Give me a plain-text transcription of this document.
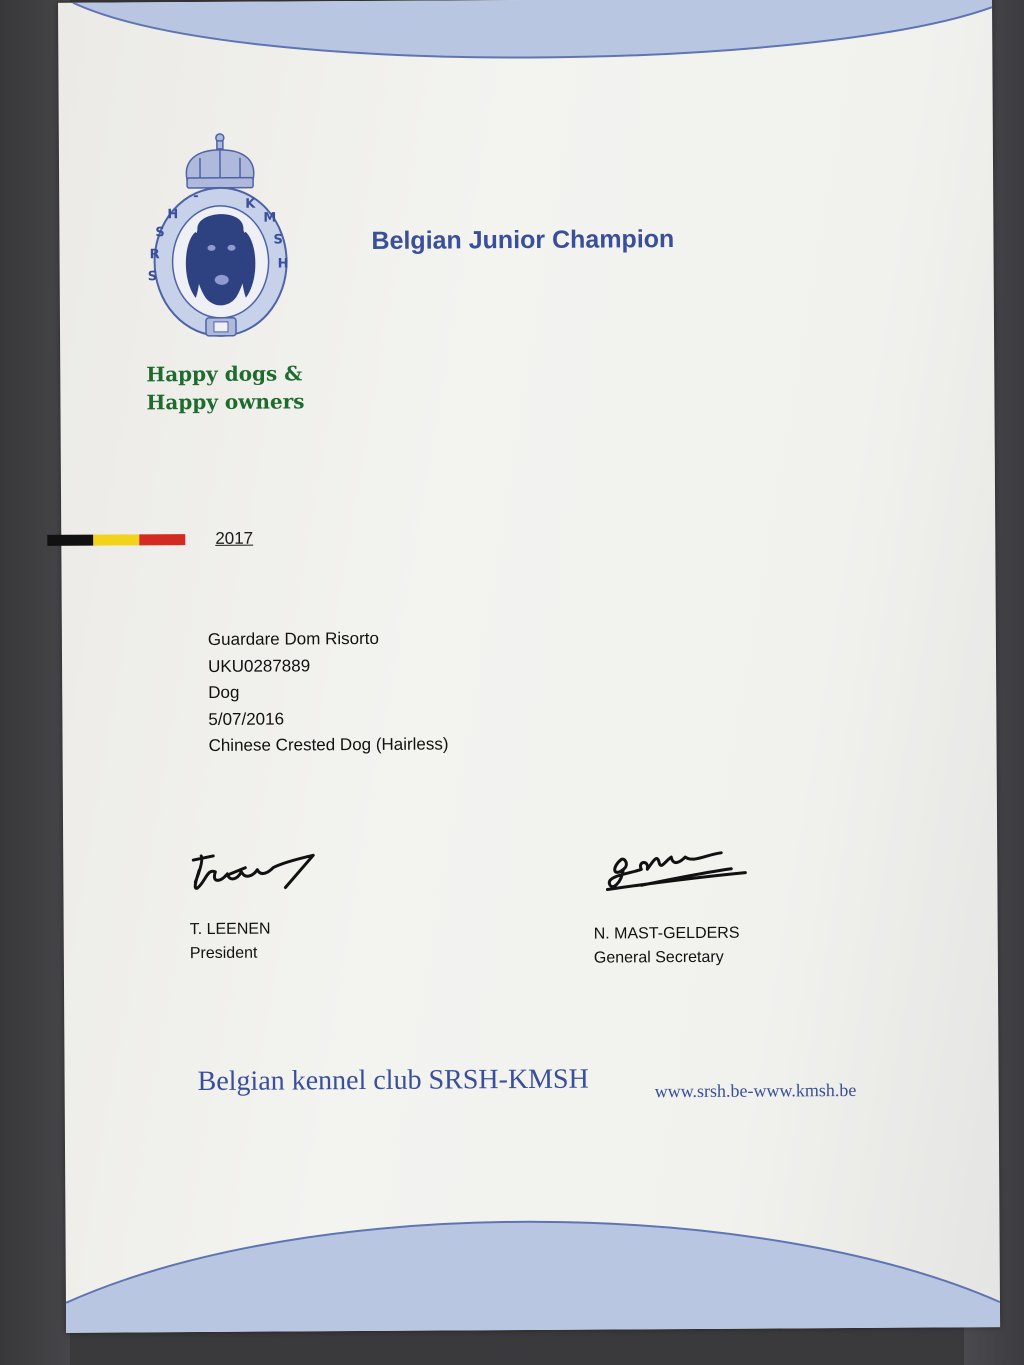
SRSH - KM S H
Happy dogs &
Happy owners
Belgian Junior Champion
2017
Guardare Dom Risorto
UKU0287889
Dog
5/07/2016
Chinese Crested Dog (Hairless)
T. LEENEN
President
N. MAST-GELDERS
General Secretary
Belgian kennel club SRSH-KMSH	www.srsh.be-www.kmsh.be
